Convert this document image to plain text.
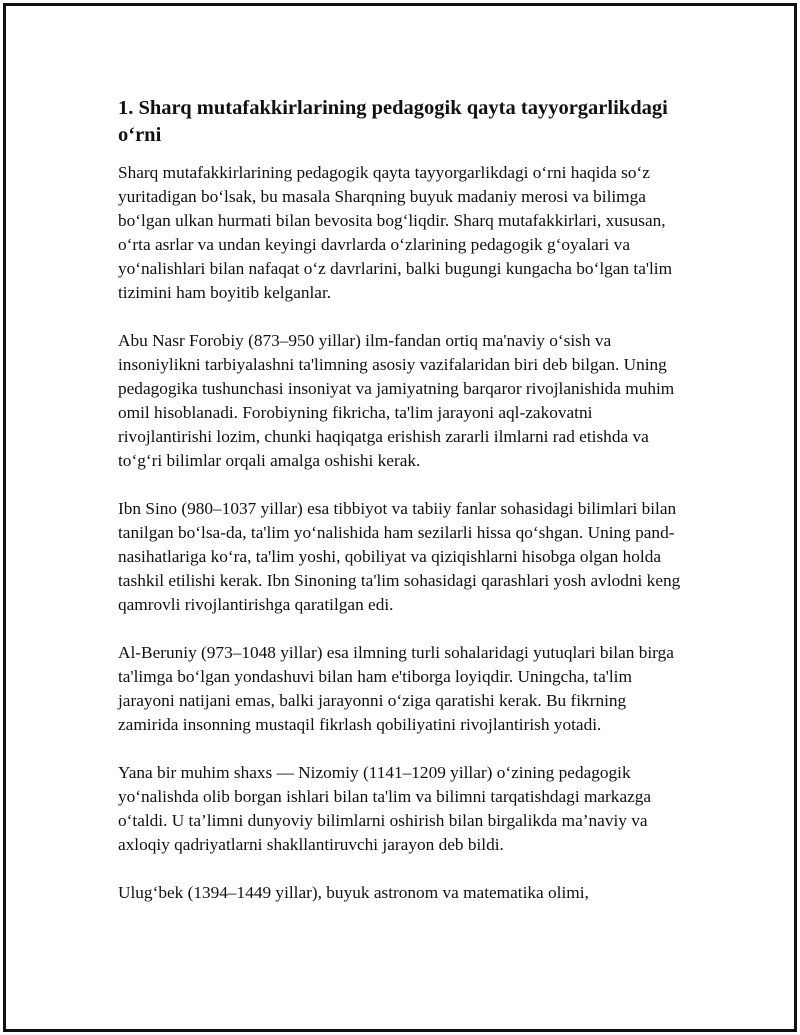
1. Sharq mutafakkirlarining pedagogik qayta tayyorgarlikdagi o‘rni

Sharq mutafakkirlarining pedagogik qayta tayyorgarlikdagi o‘rni haqida so‘z yuritadigan bo‘lsak, bu masala Sharqning buyuk madaniy merosi va bilimga bo‘lgan ulkan hurmati bilan bevosita bog‘liqdir. Sharq mutafakkirlari, xususan, o‘rta asrlar va undan keyingi davrlarda o‘zlarining pedagogik g‘oyalari va yo‘nalishlari bilan nafaqat o‘z davrlarini, balki bugungi kungacha bo‘lgan ta'lim tizimini ham boyitib kelganlar.

Abu Nasr Forobiy (873–950 yillar) ilm-fandan ortiq ma'naviy o‘sish va insoniylikni tarbiyalashni ta'limning asosiy vazifalaridan biri deb bilgan. Uning pedagogika tushunchasi insoniyat va jamiyatning barqaror rivojlanishida muhim omil hisoblanadi. Forobiyning fikricha, ta'lim jarayoni aql-zakovatni rivojlantirishi lozim, chunki haqiqatga erishish zararli ilmlarni rad etishda va to‘g‘ri bilimlar orqali amalga oshishi kerak.

Ibn Sino (980–1037 yillar) esa tibbiyot va tabiiy fanlar sohasidagi bilimlari bilan tanilgan bo‘lsa-da, ta'lim yo‘nalishida ham sezilarli hissa qo‘shgan. Uning pand-nasihatlariga ko‘ra, ta'lim yoshi, qobiliyat va qiziqishlarni hisobga olgan holda tashkil etilishi kerak. Ibn Sinoning ta'lim sohasidagi qarashlari yosh avlodni keng qamrovli rivojlantirishga qaratilgan edi.

Al-Beruniy (973–1048 yillar) esa ilmning turli sohalaridagi yutuqlari bilan birga ta'limga bo‘lgan yondashuvi bilan ham e'tiborga loyiqdir. Uningcha, ta'lim jarayoni natijani emas, balki jarayonni o‘ziga qaratishi kerak. Bu fikrning zamirida insonning mustaqil fikrlash qobiliyatini rivojlantirish yotadi.

Yana bir muhim shaxs — Nizomiy (1141–1209 yillar) o‘zining pedagogik yo‘nalishda olib borgan ishlari bilan ta'lim va bilimni tarqatishdagi markazga o‘taldi. U ta’limni dunyoviy bilimlarni oshirish bilan birgalikda ma’naviy va axloqiy qadriyatlarni shakllantiruvchi jarayon deb bildi.

Ulug‘bek (1394–1449 yillar), buyuk astronom va matematika olimi,
